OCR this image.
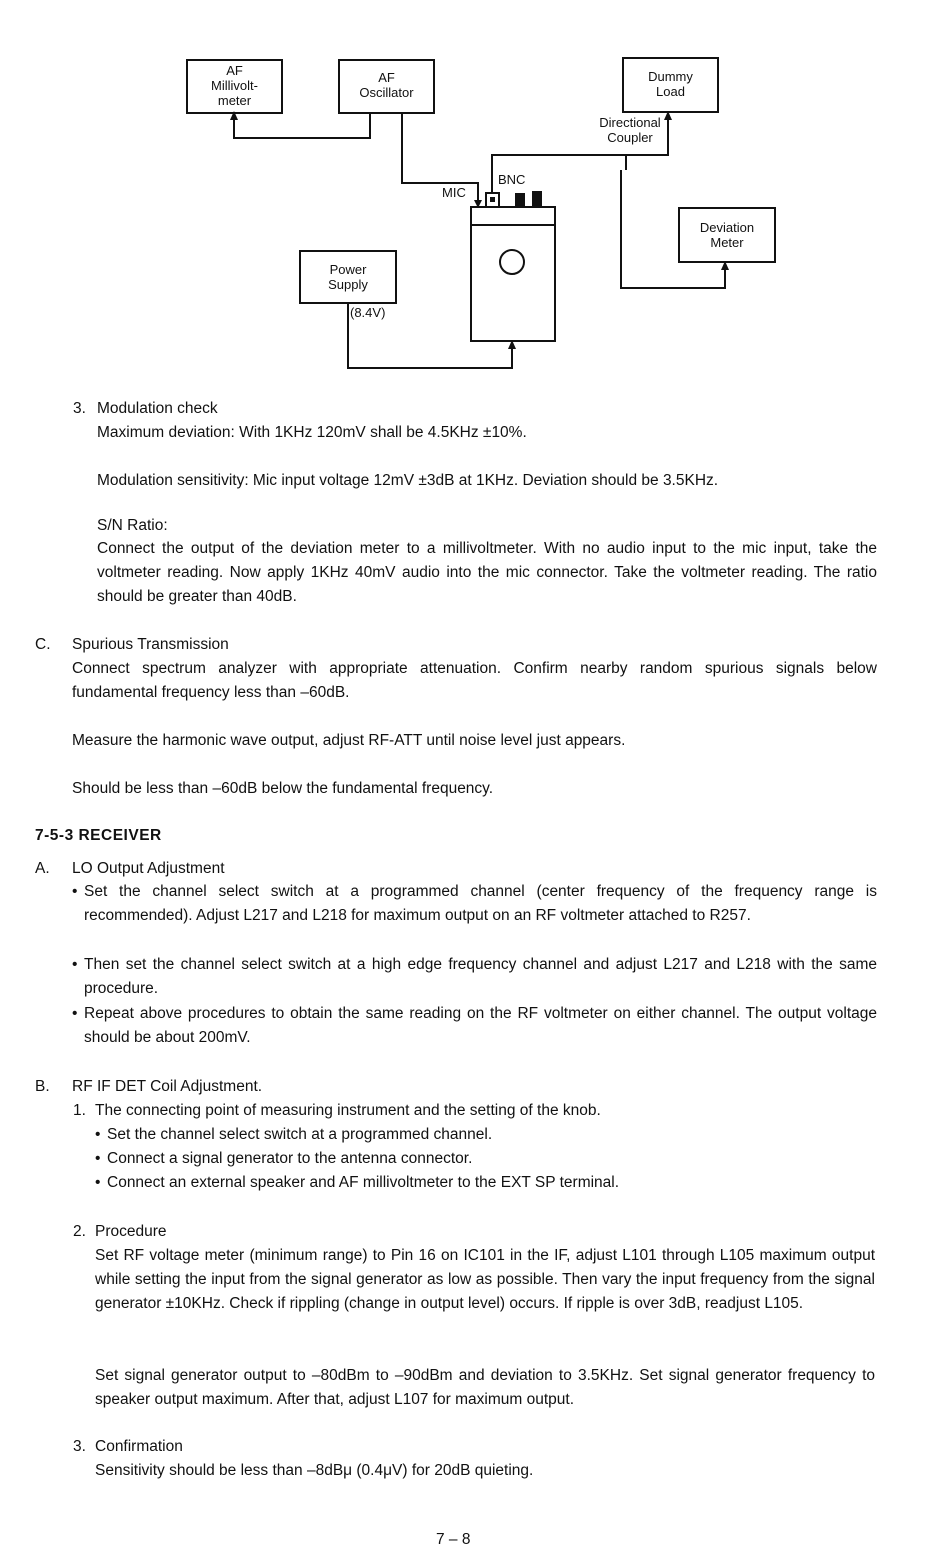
AF
Millivolt-
meter
AF
Oscillator
Dummy
Load
Deviation
Meter
Power
Supply
Directional
Coupler
BNC
MIC
(8.4V)
3. Modulation check
Maximum deviation: With 1KHz 120mV shall be 4.5KHz ±10%.
Modulation sensitivity: Mic input voltage 12mV ±3dB at 1KHz. Deviation should be 3.5KHz.
S/N Ratio:
Connect the output of the deviation meter to a millivoltmeter. With no audio input to the mic input, take the voltmeter reading. Now apply 1KHz 40mV audio into the mic connector. Take the voltmeter reading. The ratio should be greater than 40dB.
C. Spurious Transmission
Connect spectrum analyzer with appropriate attenuation. Confirm nearby random spurious signals below fundamental frequency less than –60dB.
Measure the harmonic wave output, adjust RF-ATT until noise level just appears.
Should be less than –60dB below the fundamental frequency.
7-5-3 RECEIVER
A. LO Output Adjustment
• Set the channel select switch at a programmed channel (center frequency of the frequency range is recommended). Adjust L217 and L218 for maximum output on an RF voltmeter attached to R257.
• Then set the channel select switch at a high edge frequency channel and adjust L217 and L218 with the same procedure.
• Repeat above procedures to obtain the same reading on the RF voltmeter on either channel. The output voltage should be about 200mV.
B. RF IF DET Coil Adjustment.
1. The connecting point of measuring instrument and the setting of the knob.
• Set the channel select switch at a programmed channel.
• Connect a signal generator to the antenna connector.
• Connect an external speaker and AF millivoltmeter to the EXT SP terminal.
2. Procedure
Set RF voltage meter (minimum range) to Pin 16 on IC101 in the IF, adjust L101 through L105 maximum output while setting the input from the signal generator as low as possible. Then vary the input frequency from the signal generator ±10KHz. Check if rippling (change in output level) occurs. If ripple is over 3dB, readjust L105.
Set signal generator output to –80dBm to –90dBm and deviation to 3.5KHz. Set signal generator frequency to speaker output maximum. After that, adjust L107 for maximum output.
3. Confirmation
Sensitivity should be less than –8dBμ (0.4μV) for 20dB quieting.
7 – 8
